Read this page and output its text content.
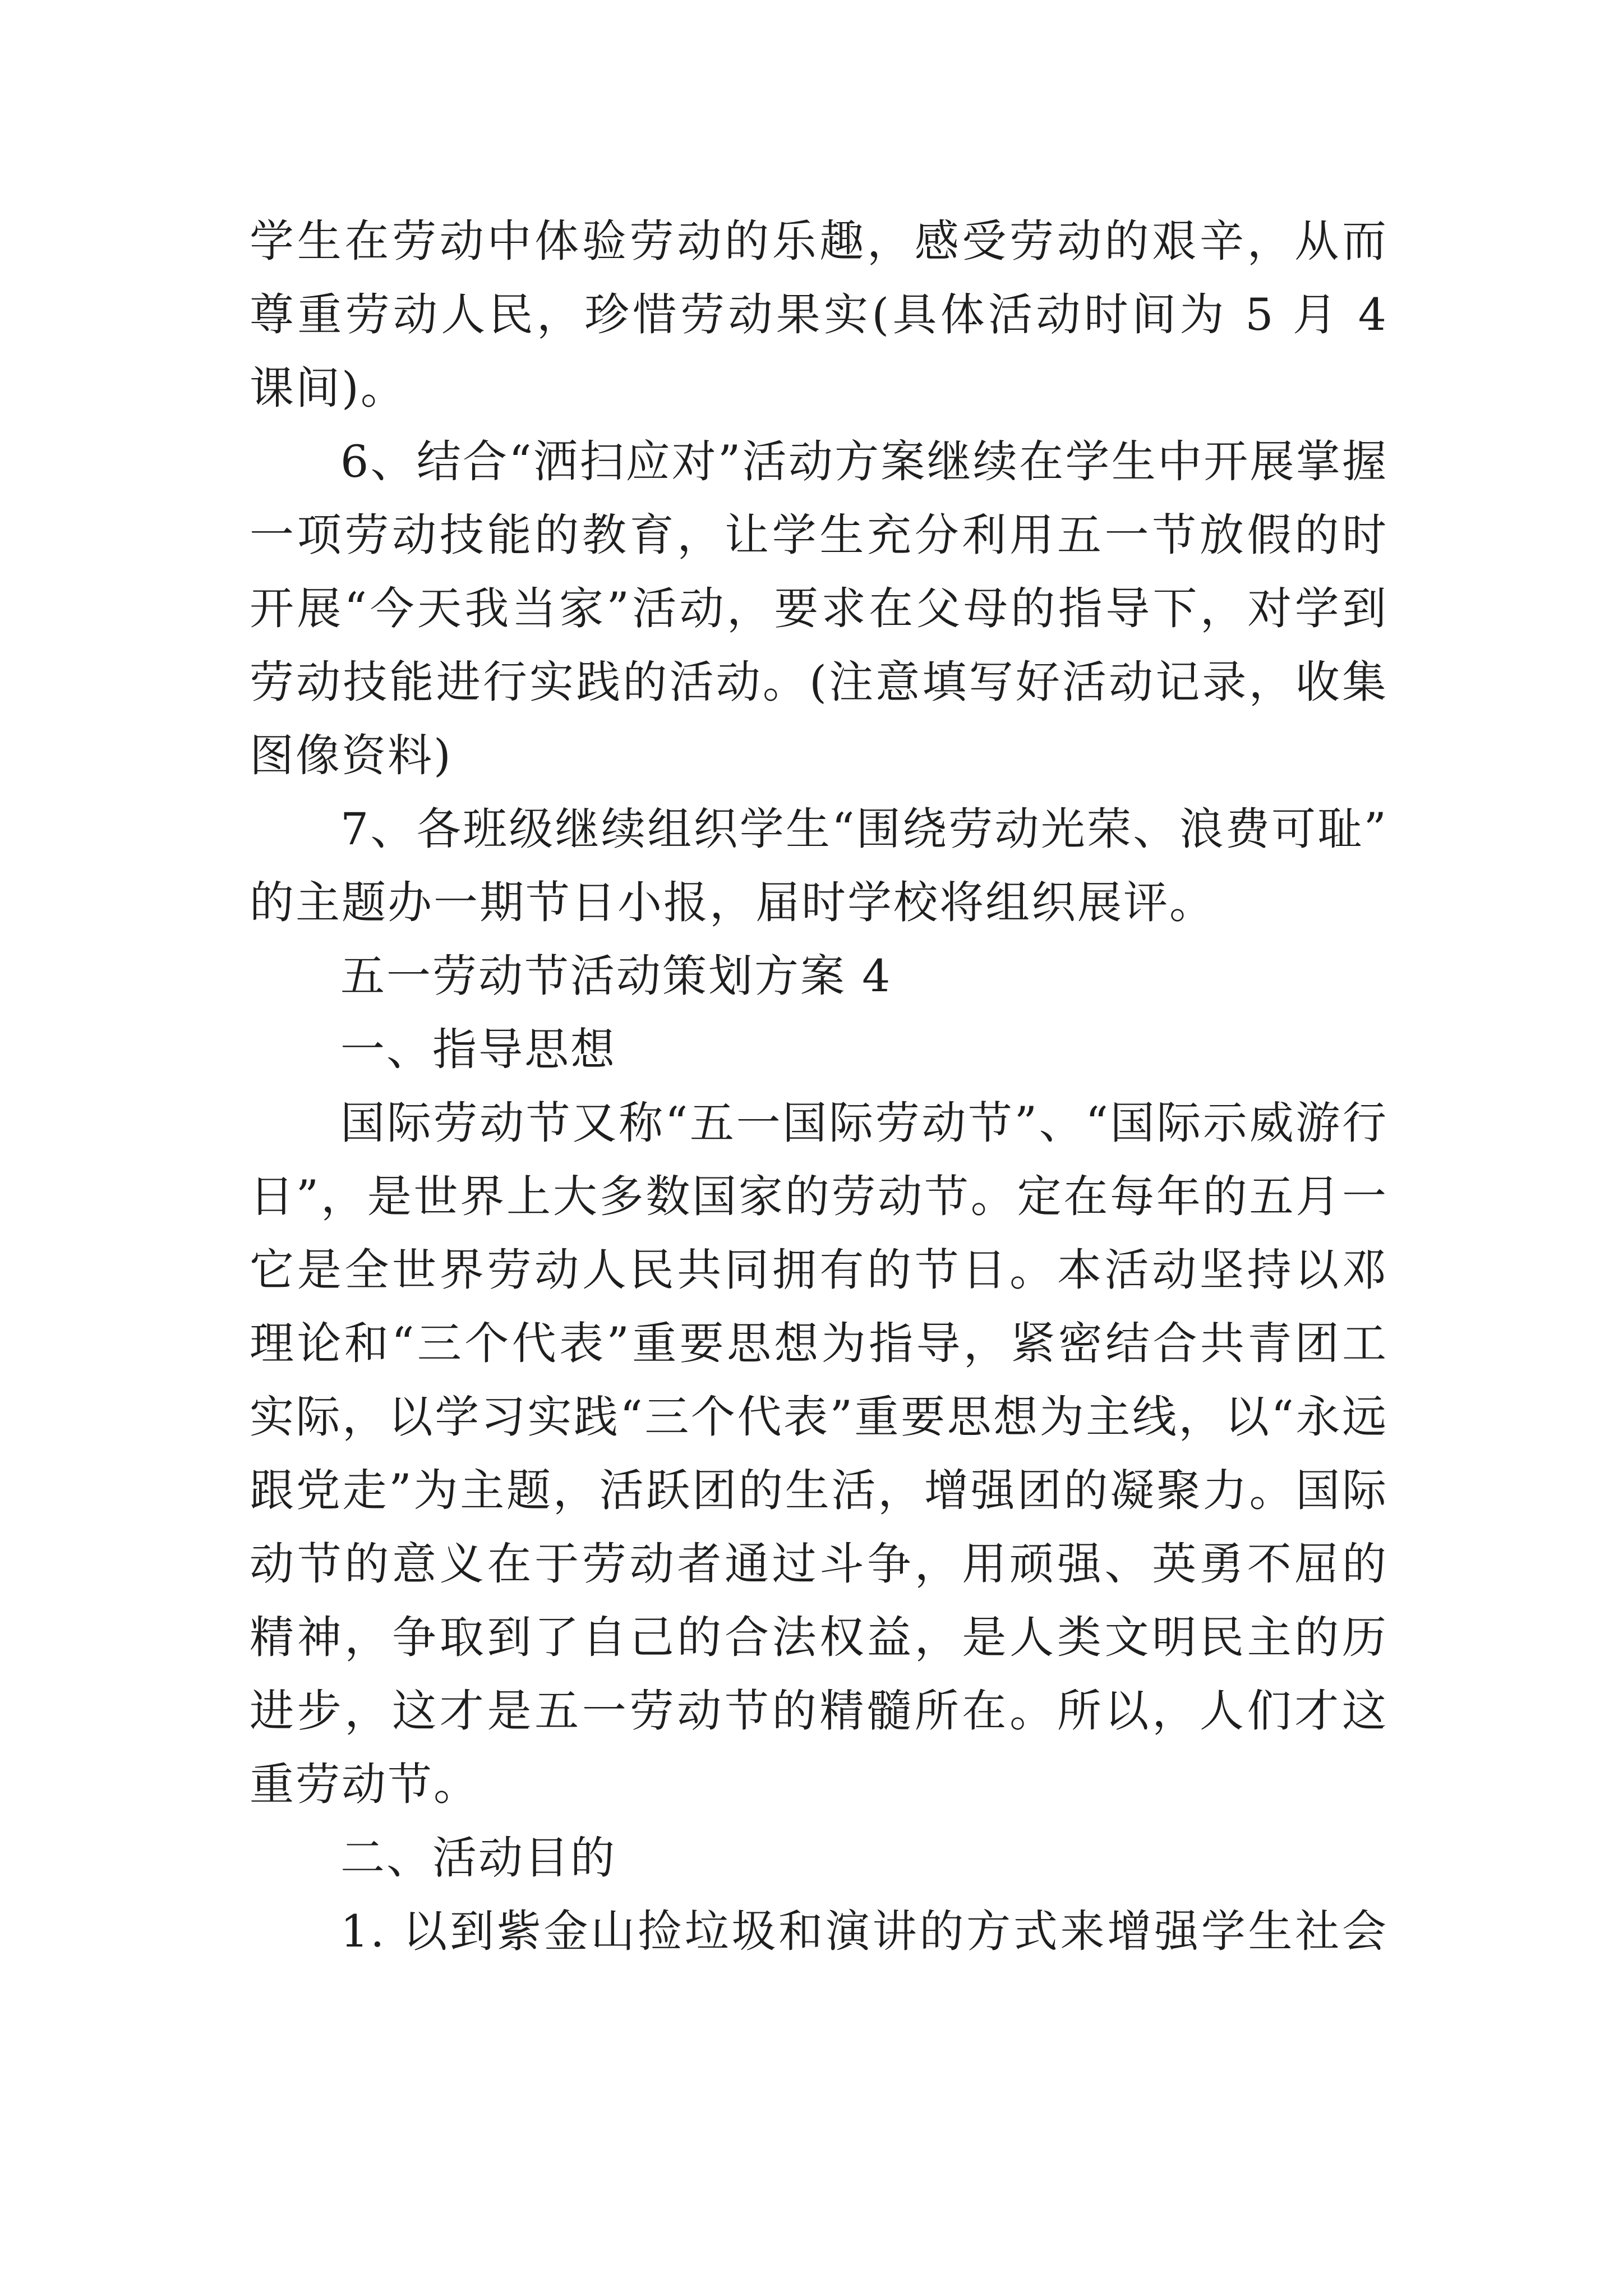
学生在劳动中体验劳动的乐趣，感受劳动的艰辛，从而
尊重劳动人民，珍惜劳动果实(具体活动时间为 5 月 4
课间)。
6、结合“洒扫应对”活动方案继续在学生中开展掌握
一项劳动技能的教育，让学生充分利用五一节放假的时
开展“今天我当家”活动，要求在父母的指导下，对学到
劳动技能进行实践的活动。(注意填写好活动记录，收集
图像资料)
7、各班级继续组织学生“围绕劳动光荣、浪费可耻”
的主题办一期节日小报，届时学校将组织展评。
五一劳动节活动策划方案 4
一、指导思想
国际劳动节又称“五一国际劳动节”、“国际示威游行
日”，是世界上大多数国家的劳动节。定在每年的五月一
它是全世界劳动人民共同拥有的节日。本活动坚持以邓
理论和“三个代表”重要思想为指导，紧密结合共青团工
实际，以学习实践“三个代表”重要思想为主线，以“永远
跟党走”为主题，活跃团的生活，增强团的凝聚力。国际
动节的意义在于劳动者通过斗争，用顽强、英勇不屈的
精神，争取到了自己的合法权益，是人类文明民主的历
进步，这才是五一劳动节的精髓所在。所以，人们才这
重劳动节。
二、活动目的
1. 以到紫金山捡垃圾和演讲的方式来增强学生社会
